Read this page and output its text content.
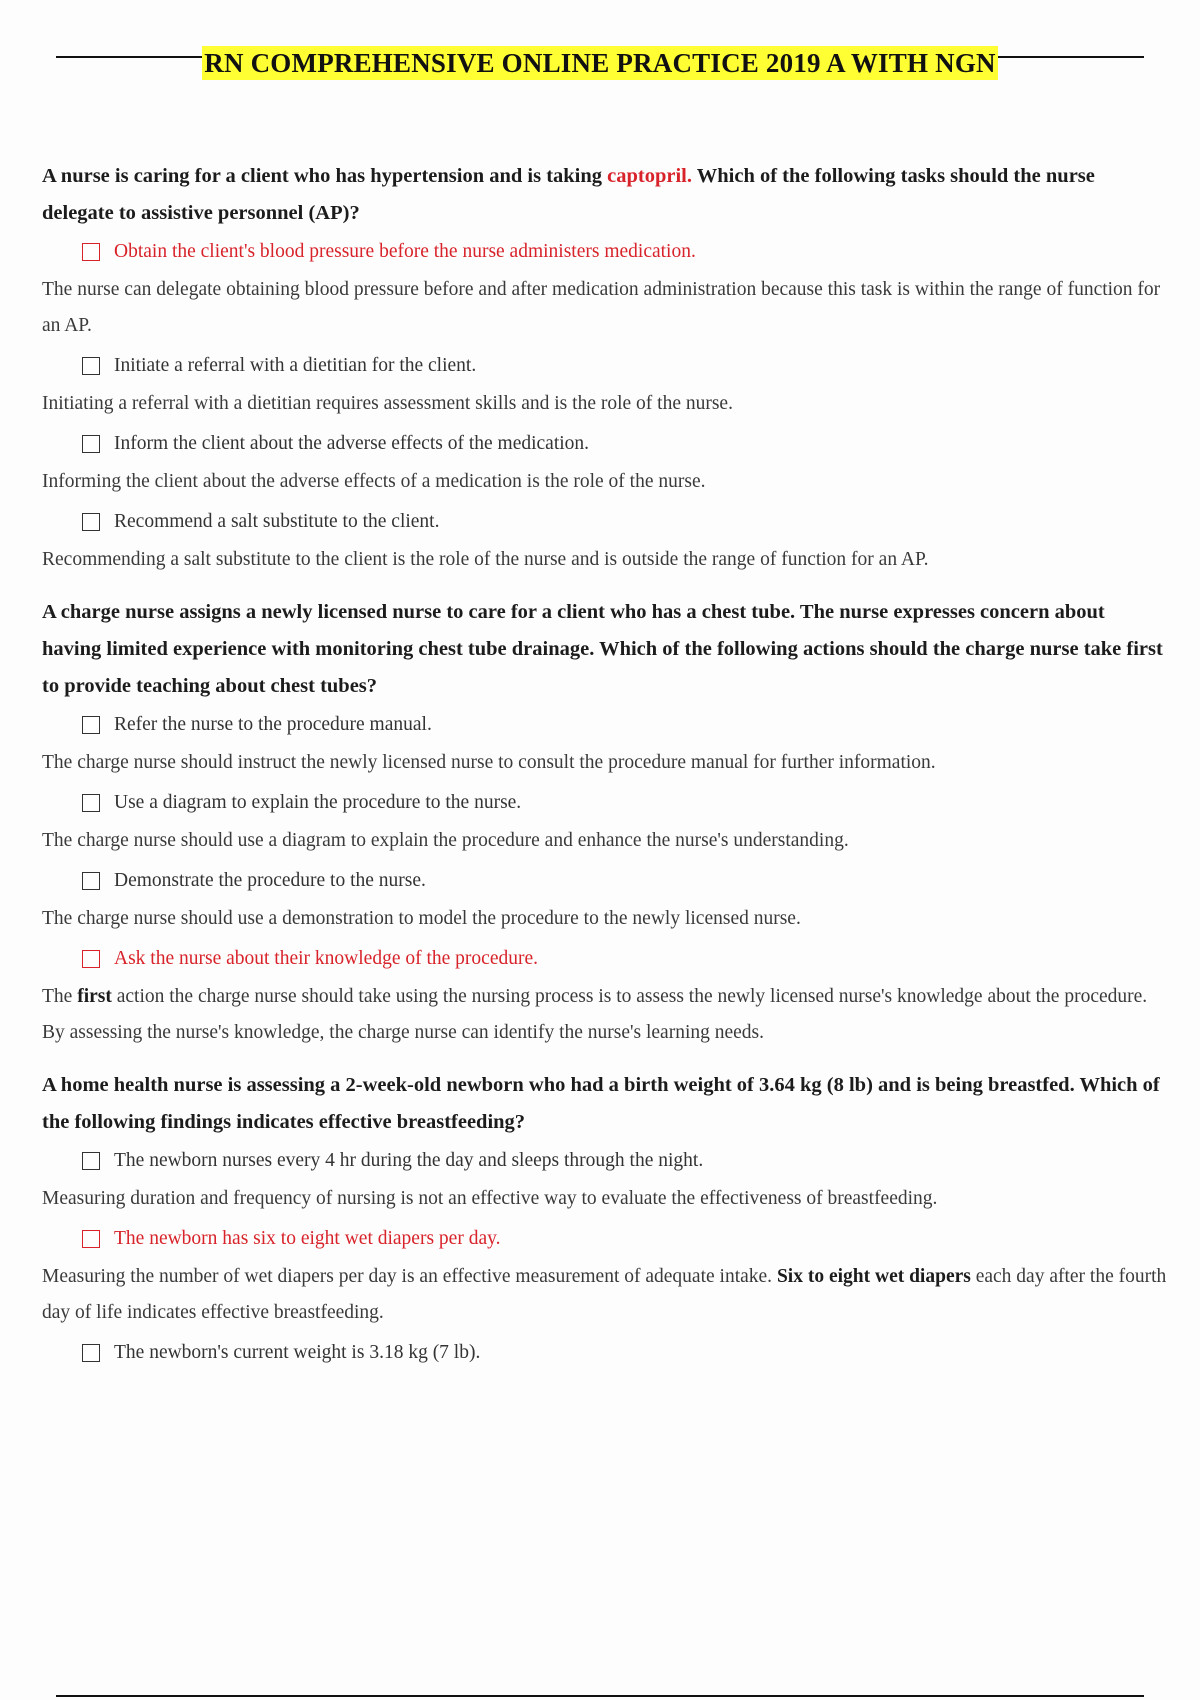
RN COMPREHENSIVE ONLINE PRACTICE 2019 A WITH NGN
A nurse is caring for a client who has hypertension and is taking captopril. Which of the following tasks should the nurse delegate to assistive personnel (AP)?
Obtain the client's blood pressure before the nurse administers medication.
The nurse can delegate obtaining blood pressure before and after medication administration because this task is within the range of function for an AP.
Initiate a referral with a dietitian for the client.
Initiating a referral with a dietitian requires assessment skills and is the role of the nurse.
Inform the client about the adverse effects of the medication.
Informing the client about the adverse effects of a medication is the role of the nurse.
Recommend a salt substitute to the client.
Recommending a salt substitute to the client is the role of the nurse and is outside the range of function for an AP.
A charge nurse assigns a newly licensed nurse to care for a client who has a chest tube. The nurse expresses concern about having limited experience with monitoring chest tube drainage. Which of the following actions should the charge nurse take first to provide teaching about chest tubes?
Refer the nurse to the procedure manual.
The charge nurse should instruct the newly licensed nurse to consult the procedure manual for further information.
Use a diagram to explain the procedure to the nurse.
The charge nurse should use a diagram to explain the procedure and enhance the nurse's understanding.
Demonstrate the procedure to the nurse.
The charge nurse should use a demonstration to model the procedure to the newly licensed nurse.
Ask the nurse about their knowledge of the procedure.
The first action the charge nurse should take using the nursing process is to assess the newly licensed nurse's knowledge about the procedure. By assessing the nurse's knowledge, the charge nurse can identify the nurse's learning needs.
A home health nurse is assessing a 2-week-old newborn who had a birth weight of 3.64 kg (8 lb) and is being breastfed. Which of the following findings indicates effective breastfeeding?
The newborn nurses every 4 hr during the day and sleeps through the night.
Measuring duration and frequency of nursing is not an effective way to evaluate the effectiveness of breastfeeding.
The newborn has six to eight wet diapers per day.
Measuring the number of wet diapers per day is an effective measurement of adequate intake. Six to eight wet diapers each day after the fourth day of life indicates effective breastfeeding.
The newborn's current weight is 3.18 kg (7 lb).
